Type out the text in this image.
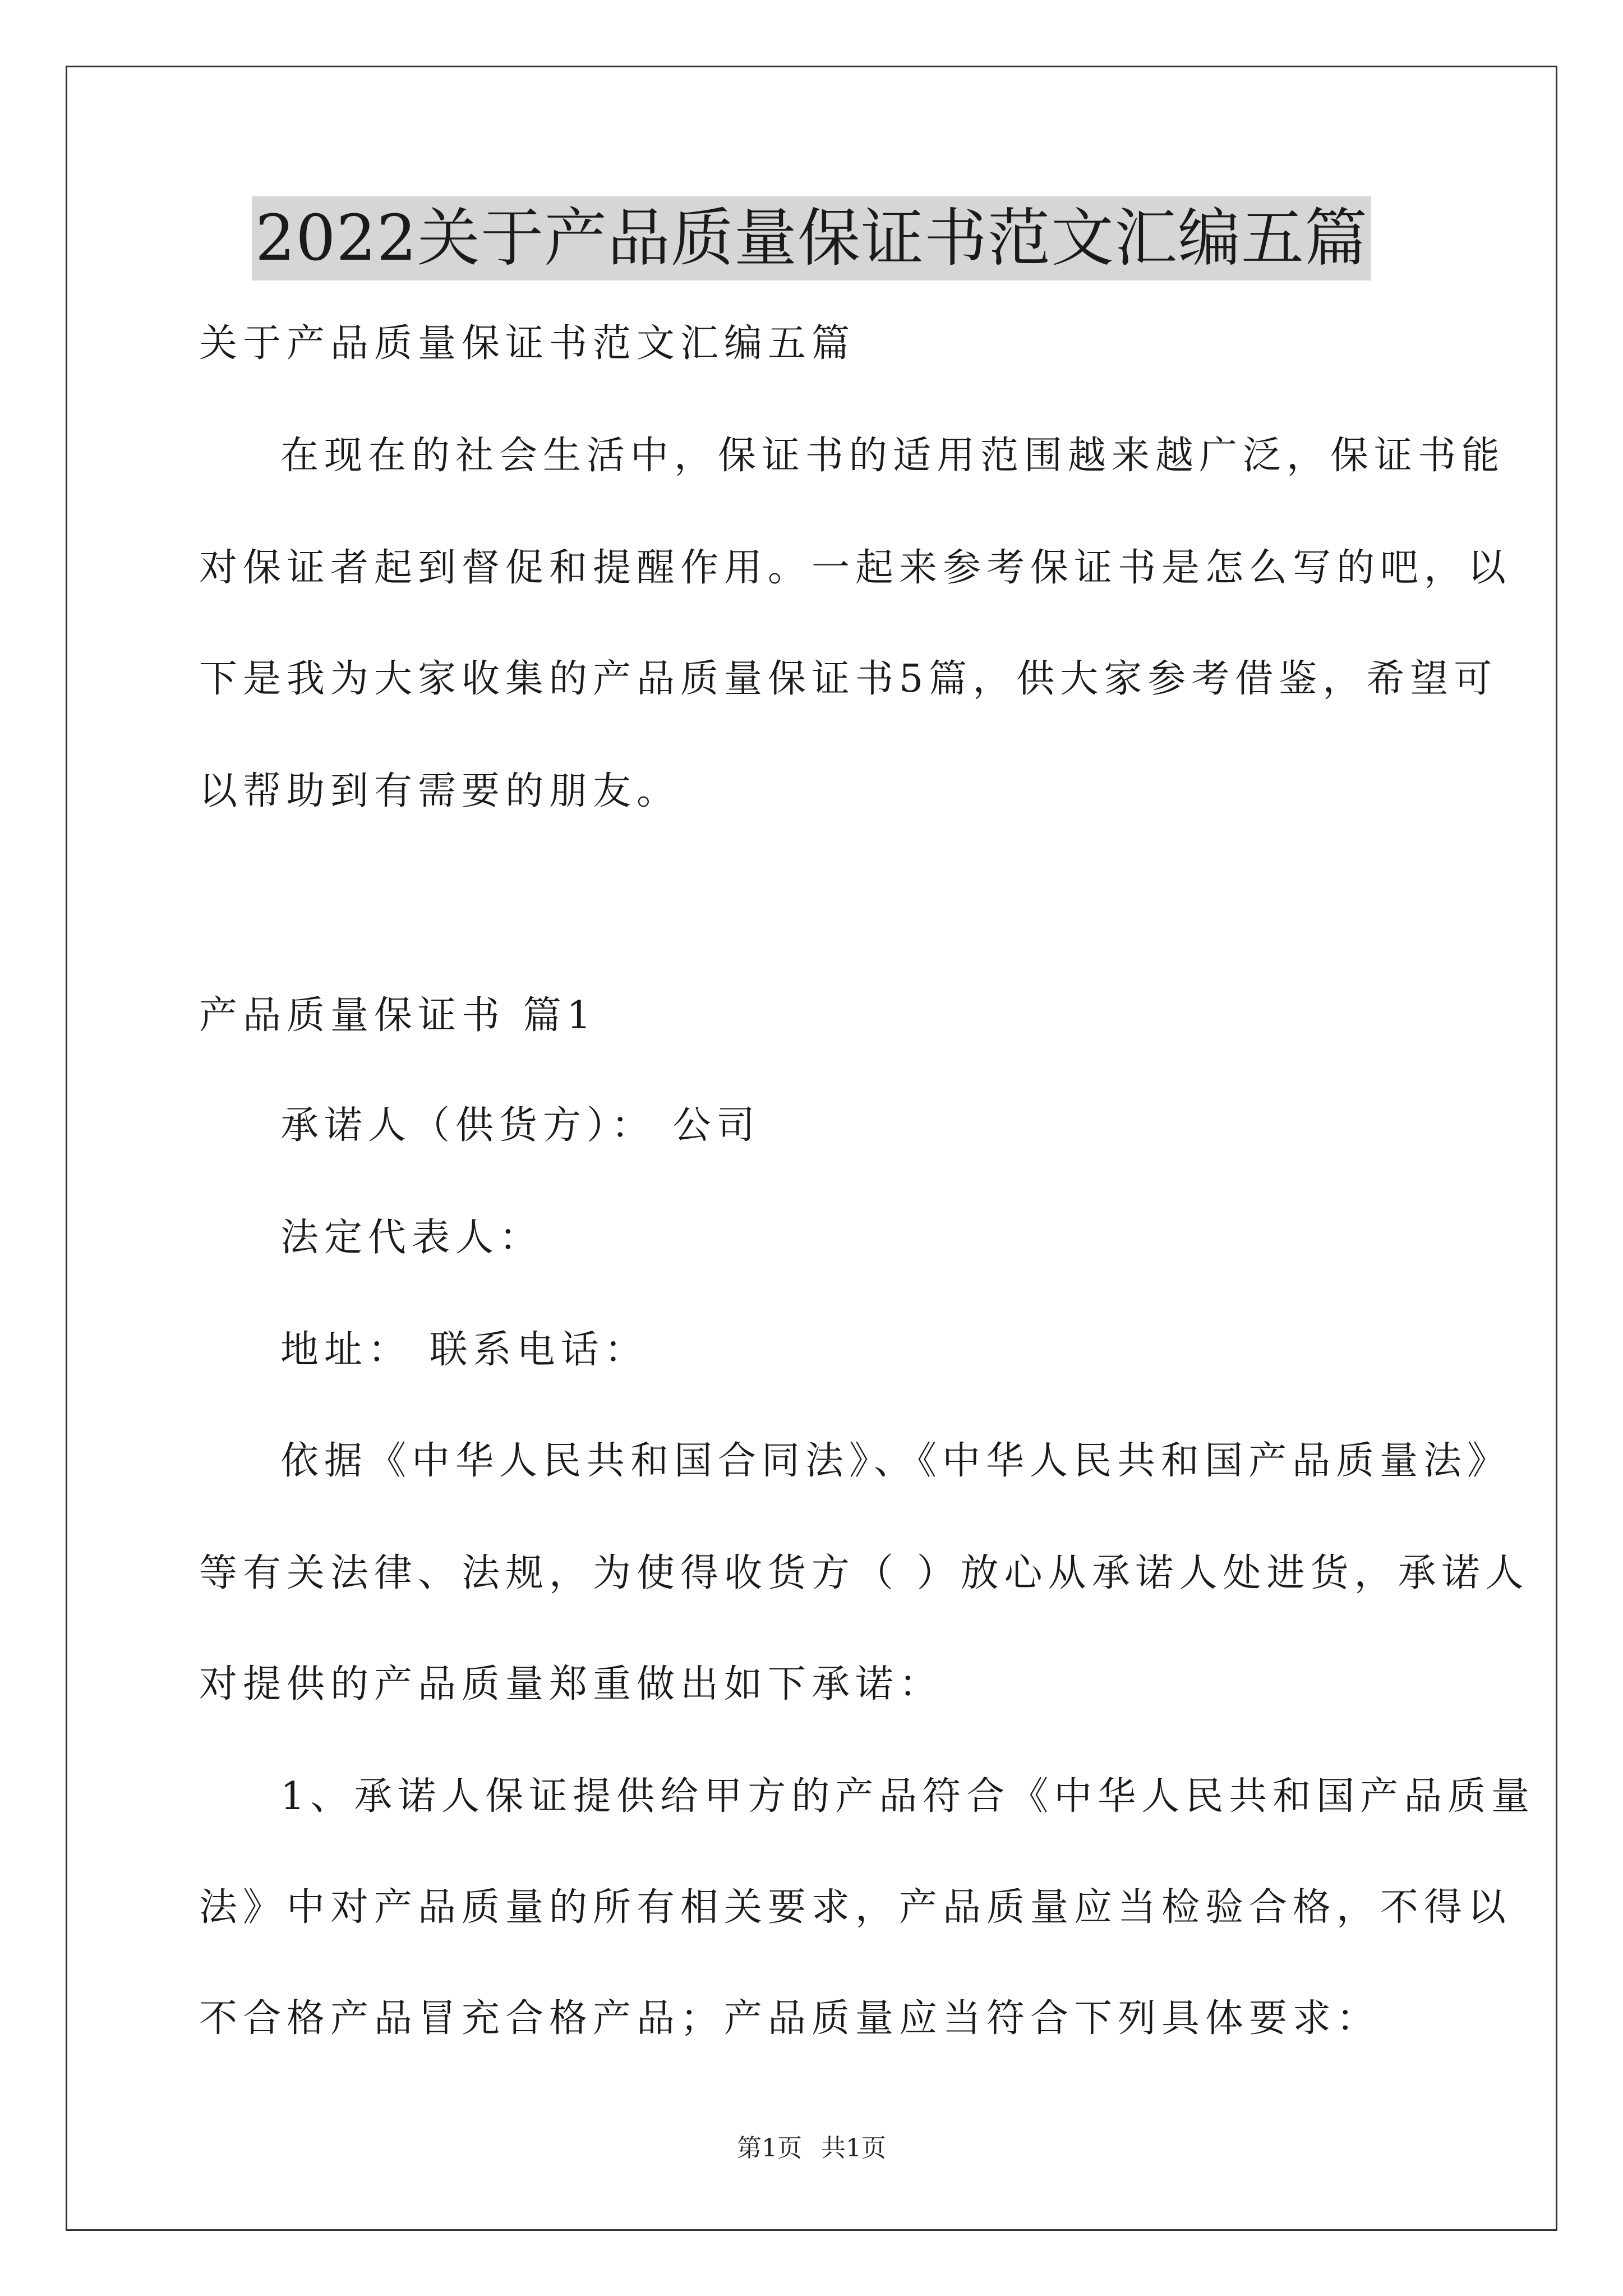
2022关于产品质量保证书范文汇编五篇
关于产品质量保证书范文汇编五篇
在现在的社会生活中，保证书的适用范围越来越广泛，保证书能
对保证者起到督促和提醒作用。一起来参考保证书是怎么写的吧，以
下是我为大家收集的产品质量保证书5篇，供大家参考借鉴，希望可
以帮助到有需要的朋友。
产品质量保证书 篇1
承诺人（供货方）： 公司
法定代表人：
地址： 联系电话：
依据《中华人民共和国合同法》、《中华人民共和国产品质量法》
等有关法律、法规，为使得收货方（ ）放心从承诺人处进货，承诺人
对提供的产品质量郑重做出如下承诺：
1、承诺人保证提供给甲方的产品符合《中华人民共和国产品质量
法》中对产品质量的所有相关要求，产品质量应当检验合格，不得以
不合格产品冒充合格产品；产品质量应当符合下列具体要求：
第1页 共1页
